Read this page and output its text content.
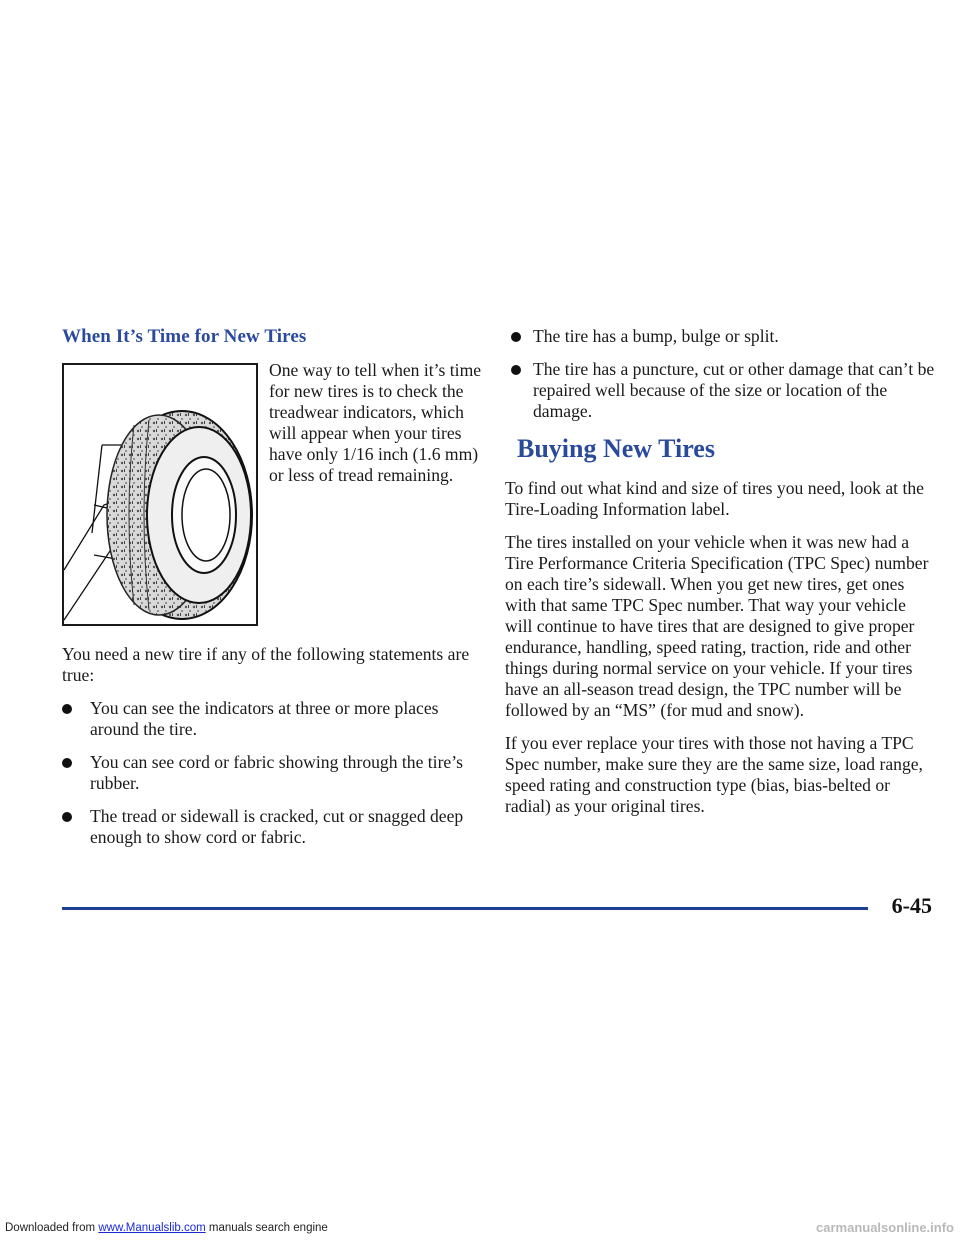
When It’s Time for New Tires

One way to tell when it’s time for new tires is to check the treadwear indicators, which will appear when your tires have only 1/16 inch (1.6 mm) or less of tread remaining.

You need a new tire if any of the following statements are true:

You can see the indicators at three or more places around the tire.
You can see cord or fabric showing through the tire’s rubber.
The tread or sidewall is cracked, cut or snagged deep enough to show cord or fabric.
The tire has a bump, bulge or split.
The tire has a puncture, cut or other damage that can’t be repaired well because of the size or location of the damage.
Buying New Tires

To find out what kind and size of tires you need, look at the Tire-Loading Information label.

The tires installed on your vehicle when it was new had a Tire Performance Criteria Specification (TPC Spec) number on each tire’s sidewall. When you get new tires, get ones with that same TPC Spec number. That way your vehicle will continue to have tires that are designed to give proper endurance, handling, speed rating, traction, ride and other things during normal service on your vehicle. If your tires have an all-season tread design, the TPC number will be followed by an “MS” (for mud and snow).

If you ever replace your tires with those not having a TPC Spec number, make sure they are the same size, load range, speed rating and construction type (bias, bias-belted or radial) as your original tires.

6-45
Downloaded from www.Manualslib.com manuals search engine	carmanualsonline.info
